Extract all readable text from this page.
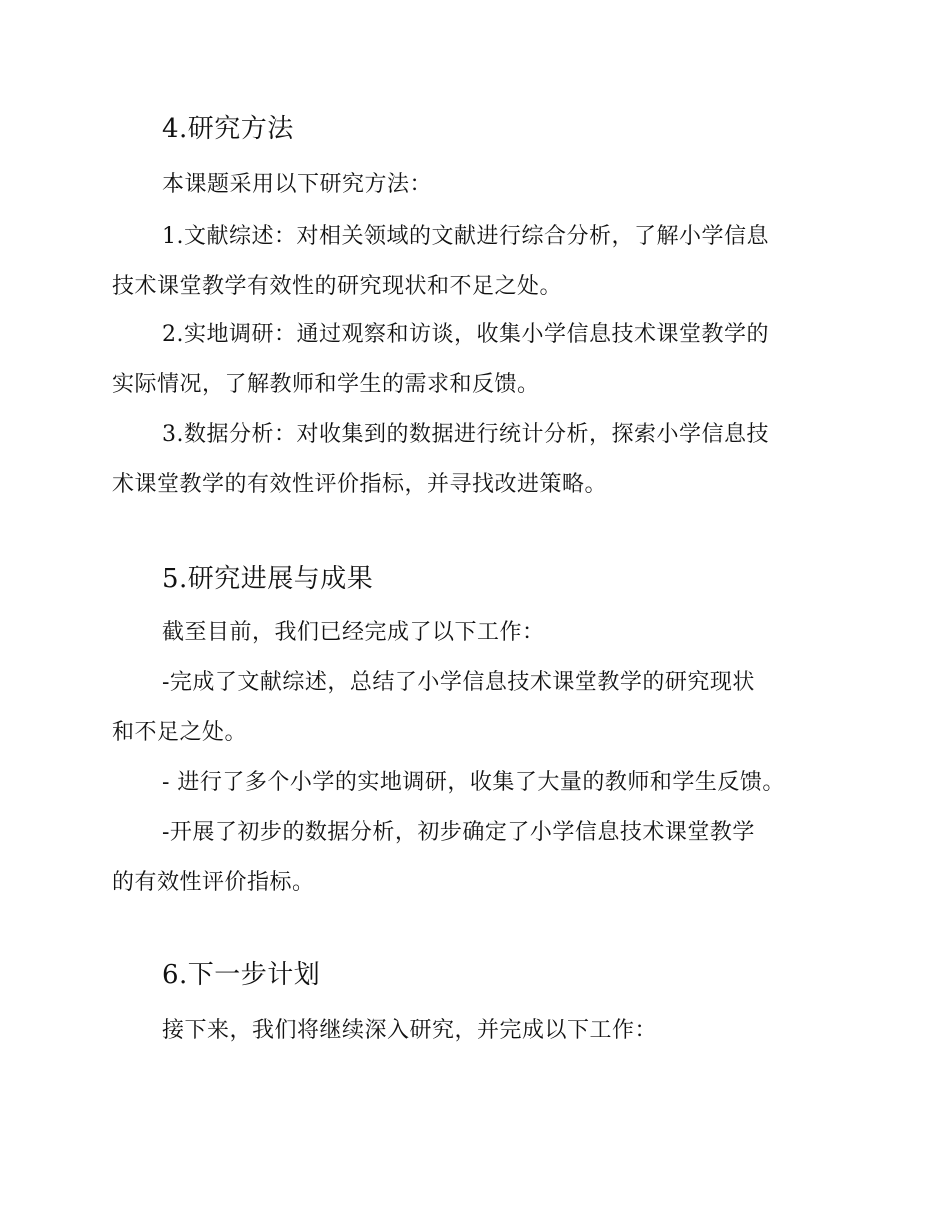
4.研究方法
本课题采用以下研究方法：
1.文献综述：对相关领域的文献进行综合分析，了解小学信息
技术课堂教学有效性的研究现状和不足之处。
2.实地调研：通过观察和访谈，收集小学信息技术课堂教学的
实际情况，了解教师和学生的需求和反馈。
3.数据分析：对收集到的数据进行统计分析，探索小学信息技
术课堂教学的有效性评价指标，并寻找改进策略。
5.研究进展与成果
截至目前，我们已经完成了以下工作：
-完成了文献综述，总结了小学信息技术课堂教学的研究现状
和不足之处。
- 进行了多个小学的实地调研，收集了大量的教师和学生反馈。
-开展了初步的数据分析，初步确定了小学信息技术课堂教学
的有效性评价指标。
6.下一步计划
接下来，我们将继续深入研究，并完成以下工作：
